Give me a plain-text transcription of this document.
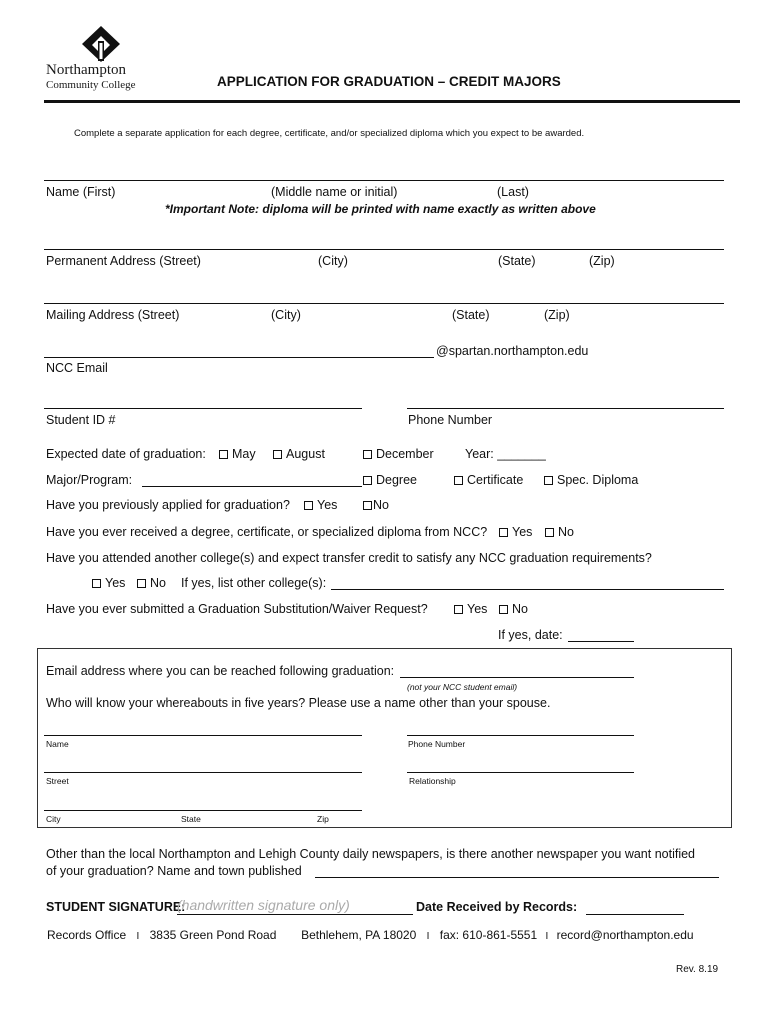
Northampton
Community College	APPLICATION FOR GRADUATION – CREDIT MAJORS
Complete a separate application for each degree, certificate, and/or specialized diploma which you expect to be awarded.
Name (First)	(Middle name or initial)	(Last)
*Important Note: diploma will be printed with name exactly as written above
Permanent Address (Street)	(City)	(State)	(Zip)
Mailing Address (Street)	(City)	(State)	(Zip)
@spartan.northampton.edu
NCC Email
Student ID #	Phone Number
Expected date of graduation:	May	August	December	Year: _______
Major/Program:	Degree	Certificate	Spec. Diploma
Have you previously applied for graduation?	Yes	No
Have you ever received a degree, certificate, or specialized diploma from NCC?	Yes	No
Have you attended another college(s) and expect transfer credit to satisfy any NCC graduation requirements?
Yes	No If yes, list other college(s):
Have you ever submitted a Graduation Substitution/Waiver Request?	Yes	No
If yes, date:
Email address where you can be reached following graduation:
(not your NCC student email)
Who will know your whereabouts in five years? Please use a name other than your spouse.
Name	Phone Number
Street	Relationship
City	State	Zip
Other than the local Northampton and Lehigh County daily newspapers, is there another newspaper you want notified
of your graduation? Name and town published
STUDENT SIGNATURE:
(handwritten signature only)	Date Received by Records:
Records Office I 3835 Green Pond Road Bethlehem, PA 18020 I fax: 610-861-5551 I record@northampton.edu
Rev. 8.19
